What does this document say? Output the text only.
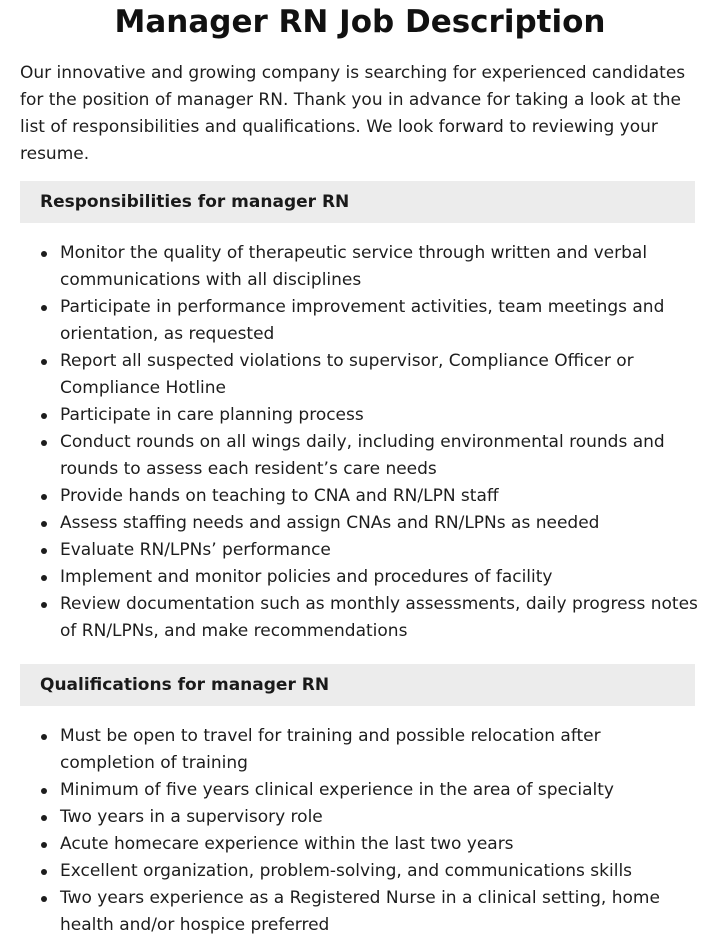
Manager RN Job Description

Our innovative and growing company is searching for experienced candidates for the position of manager RN. Thank you in advance for taking a look at the list of responsibilities and qualifications. We look forward to reviewing your resume.

Responsibilities for manager RN
Monitor the quality of therapeutic service through written and verbal communications with all disciplines
Participate in performance improvement activities, team meetings and orientation, as requested
Report all suspected violations to supervisor, Compliance Officer or Compliance Hotline
Participate in care planning process
Conduct rounds on all wings daily, including environmental rounds and rounds to assess each resident’s care needs
Provide hands on teaching to CNA and RN/LPN staff
Assess staffing needs and assign CNAs and RN/LPNs as needed
Evaluate RN/LPNs’ performance
Implement and monitor policies and procedures of facility
Review documentation such as monthly assessments, daily progress notes of RN/LPNs, and make recommendations
Qualifications for manager RN
Must be open to travel for training and possible relocation after completion of training
Minimum of five years clinical experience in the area of specialty
Two years in a supervisory role
Acute homecare experience within the last two years
Excellent organization, problem-solving, and communications skills
Two years experience as a Registered Nurse in a clinical setting, home health and/or hospice preferred
